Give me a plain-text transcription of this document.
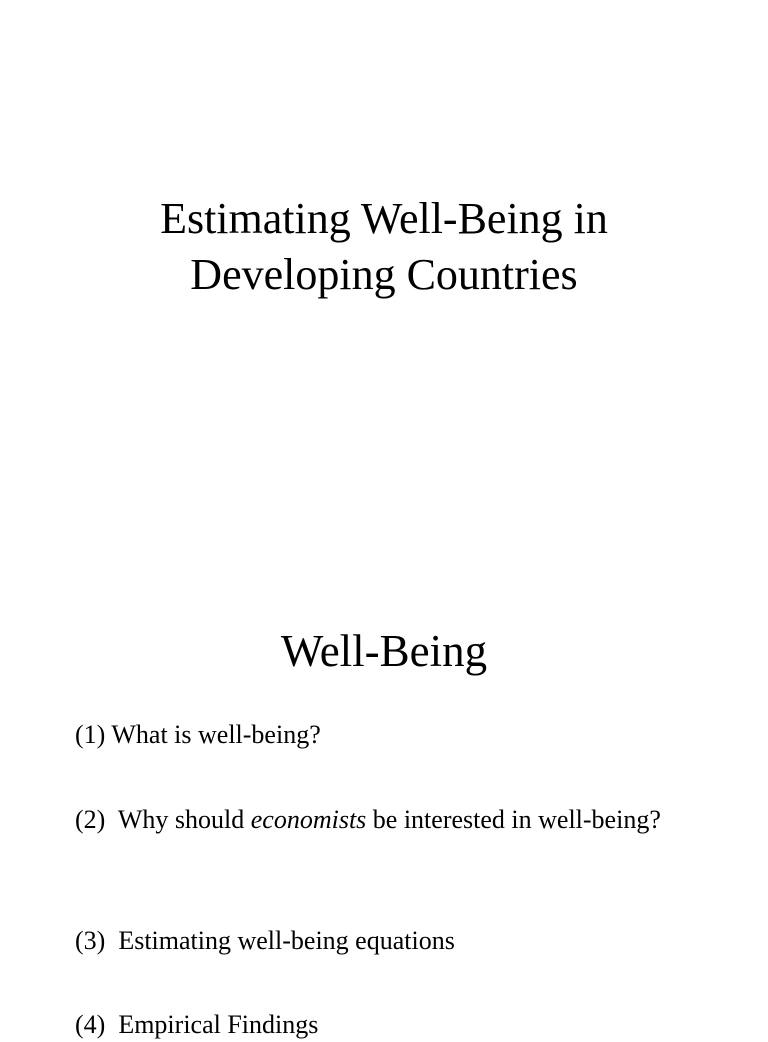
Estimating Well-Being in
Developing Countries
Well-Being

(1) What is well-being?

(2) Why should economists be interested in well-being?

(3) Estimating well-being equations

(4) Empirical Findings
